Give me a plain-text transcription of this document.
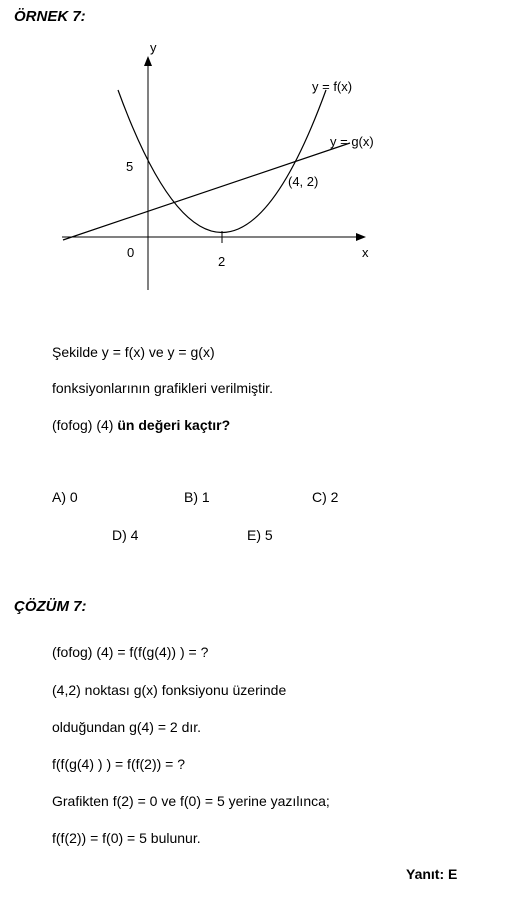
ÖRNEK 7:
y
x
y = f(x)
y = g(x)
5
0
2
(4, 2)
Şekilde y = f(x) ve y = g(x)
fonksiyonlarının grafikleri verilmiştir.
(fofog) (4) ün değeri kaçtır?
A) 0	B) 1	C) 2
D) 4	E) 5
ÇÖZÜM 7:
(fofog) (4) = f(f(g(4)) ) = ?
(4,2) noktası g(x) fonksiyonu üzerinde
olduğundan g(4) = 2 dır.
f(f(g(4) ) ) = f(f(2)) = ?
Grafikten f(2) = 0 ve f(0) = 5 yerine yazılınca;
f(f(2)) = f(0) = 5 bulunur.
Yanıt: E
